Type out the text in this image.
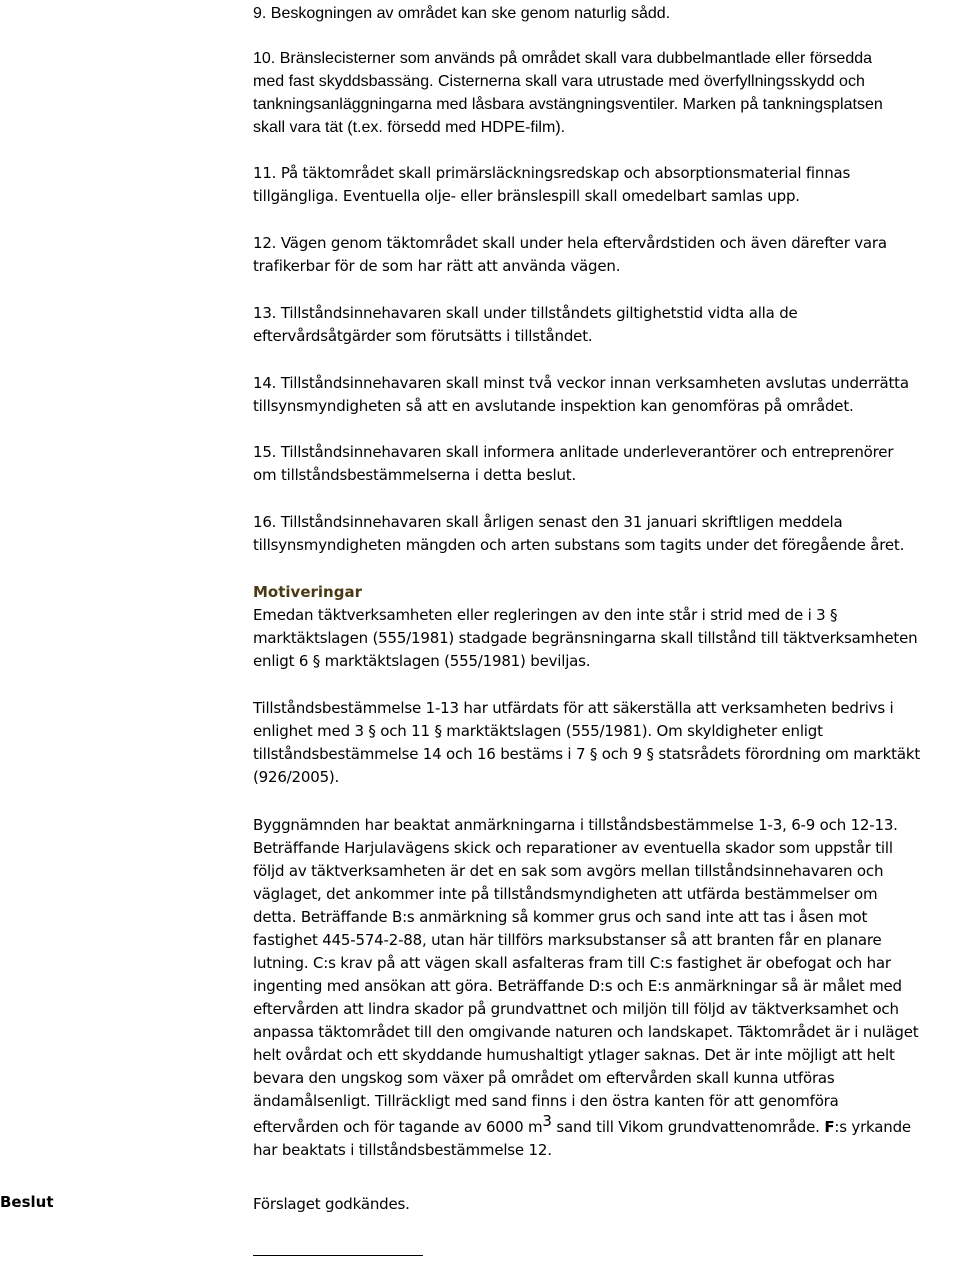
9. Beskogningen av området kan ske genom naturlig sådd.

10. Bränslecisterner som används på området skall vara dubbelmantlade eller försedda

med fast skyddsbassäng. Cisternerna skall vara utrustade med överfyllningsskydd och

tankningsanläggningarna med låsbara avstängningsventiler. Marken på tankningsplatsen

skall vara tät (t.ex. försedd med HDPE-film).

11. På täktområdet skall primärsläckningsredskap och absorptionsmaterial finnas

tillgängliga. Eventuella olje- eller bränslespill skall omedelbart samlas upp.

12. Vägen genom täktområdet skall under hela eftervårdstiden och även därefter vara

trafikerbar för de som har rätt att använda vägen.

13. Tillståndsinnehavaren skall under tillståndets giltighetstid vidta alla de

eftervårdsåtgärder som förutsätts i tillståndet.

14. Tillståndsinnehavaren skall minst två veckor innan verksamheten avslutas underrätta

tillsynsmyndigheten så att en avslutande inspektion kan genomföras på området.

15. Tillståndsinnehavaren skall informera anlitade underleverantörer och entreprenörer

om tillståndsbestämmelserna i detta beslut.

16. Tillståndsinnehavaren skall årligen senast den 31 januari skriftligen meddela

tillsynsmyndigheten mängden och arten substans som tagits under det föregående året.

Motiveringar

Emedan täktverksamheten eller regleringen av den inte står i strid med de i 3 §

marktäktslagen (555/1981) stadgade begränsningarna skall tillstånd till täktverksamheten

enligt 6 § marktäktslagen (555/1981) beviljas.

Tillståndsbestämmelse 1-13 har utfärdats för att säkerställa att verksamheten bedrivs i

enlighet med 3 § och 11 § marktäktslagen (555/1981). Om skyldigheter enligt

tillståndsbestämmelse 14 och 16 bestäms i 7 § och 9 § statsrådets förordning om marktäkt

(926/2005).

Byggnämnden har beaktat anmärkningarna i tillståndsbestämmelse 1-3, 6-9 och 12-13.

Beträffande Harjulavägens skick och reparationer av eventuella skador som uppstår till

följd av täktverksamheten är det en sak som avgörs mellan tillståndsinnehavaren och

väglaget, det ankommer inte på tillståndsmyndigheten att utfärda bestämmelser om

detta. Beträffande B:s anmärkning så kommer grus och sand inte att tas i åsen mot

fastighet 445-574-2-88, utan här tillförs marksubstanser så att branten får en planare

lutning. C:s krav på att vägen skall asfalteras fram till C:s fastighet är obefogat och har

ingenting med ansökan att göra. Beträffande D:s och E:s anmärkningar så är målet med

eftervården att lindra skador på grundvattnet och miljön till följd av täktverksamhet och

anpassa täktområdet till den omgivande naturen och landskapet. Täktområdet är i nuläget

helt ovårdat och ett skyddande humushaltigt ytlager saknas. Det är inte möjligt att helt

bevara den ungskog som växer på området om eftervården skall kunna utföras

ändamålsenligt. Tillräckligt med sand finns i den östra kanten för att genomföra

eftervården och för tagande av 6000 $m^3$ sand till Vikom grundvattenområde. F:s yrkande

har beaktats i tillståndsbestämmelse 12.

Förslaget godkändes.

Beslut
